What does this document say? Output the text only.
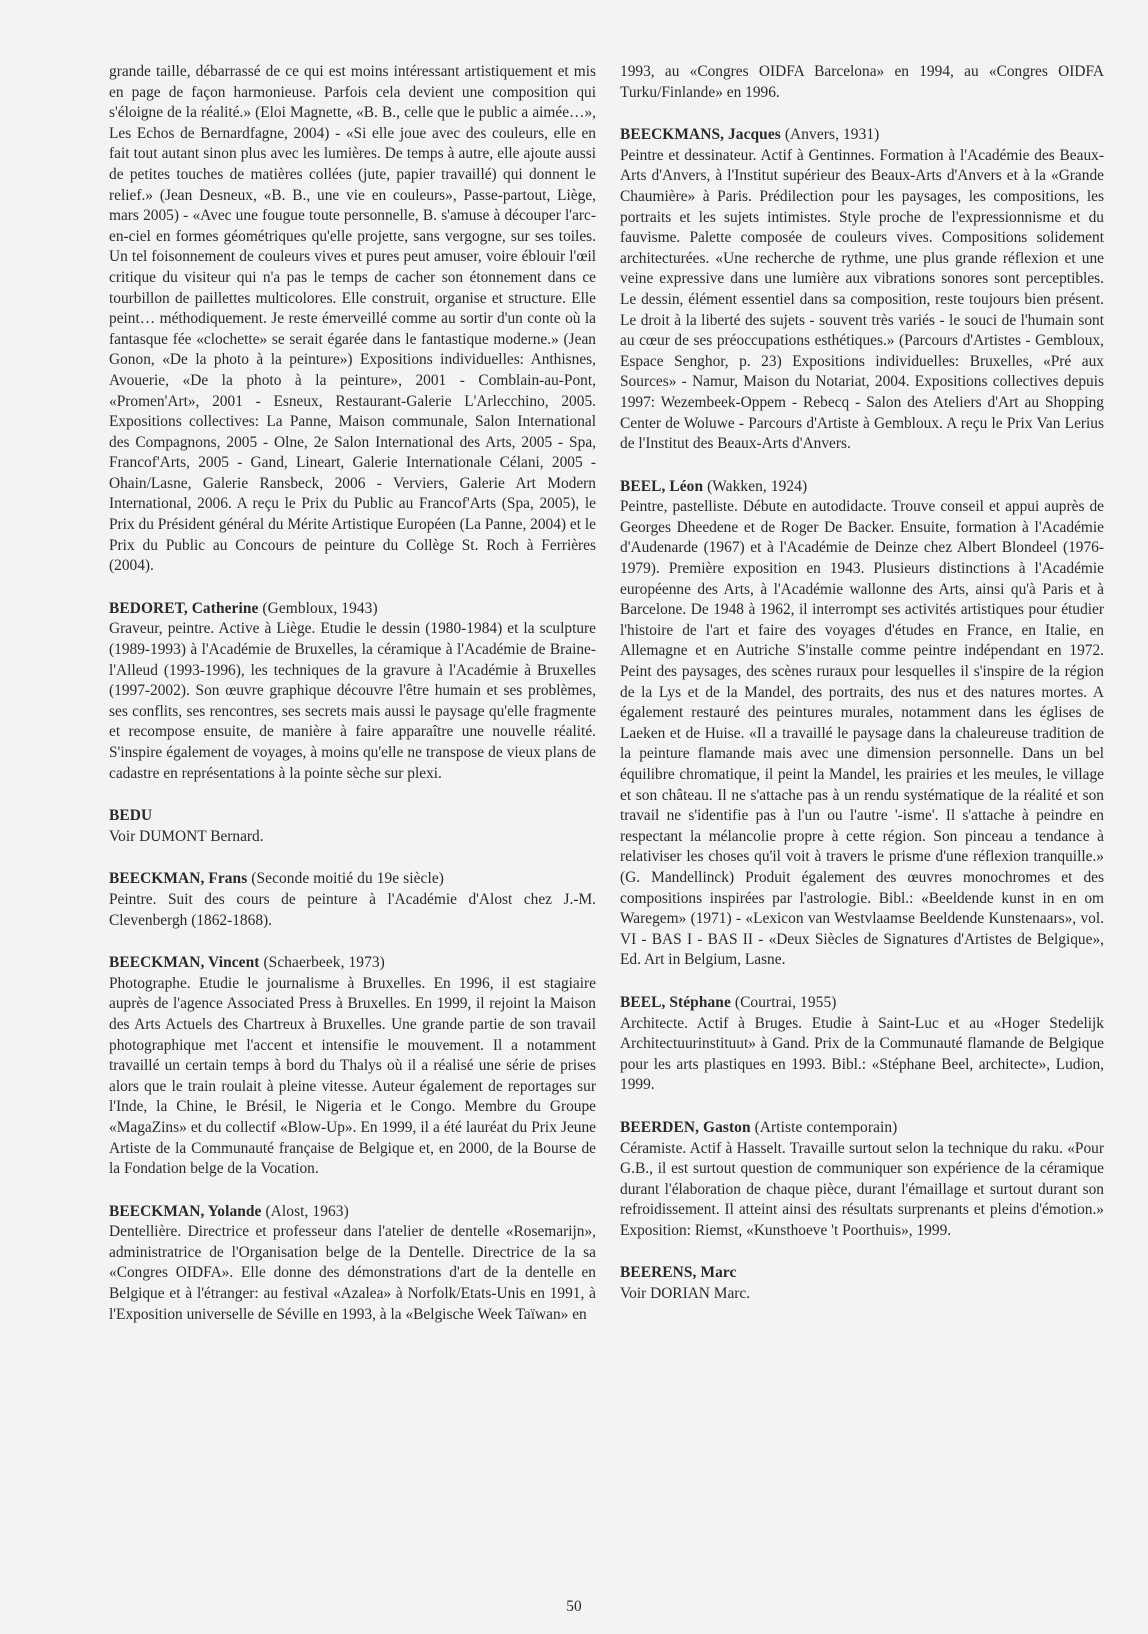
grande taille, débarrassé de ce qui est moins intéressant artistiquement et mis en page de façon harmonieuse. Parfois cela devient une composition qui s'éloigne de la réalité.» (Eloi Magnette, «B. B., celle que le public a aimée…», Les Echos de Bernardfagne, 2004) - «Si elle joue avec des couleurs, elle en fait tout autant sinon plus avec les lumières. De temps à autre, elle ajoute aussi de petites touches de matières collées (jute, papier travaillé) qui donnent le relief.» (Jean Desneux, «B. B., une vie en couleurs», Passe-partout, Liège, mars 2005) - «Avec une fougue toute personnelle, B. s'amuse à découper l'arc-en-ciel en formes géométriques qu'elle projette, sans vergogne, sur ses toiles. Un tel foisonnement de couleurs vives et pures peut amuser, voire éblouir l'œil critique du visiteur qui n'a pas le temps de cacher son étonnement dans ce tourbillon de paillettes multicolores. Elle construit, organise et structure. Elle peint… méthodiquement. Je reste émerveillé comme au sortir d'un conte où la fantasque fée «clochette» se serait égarée dans le fantastique moderne.» (Jean Gonon, «De la photo à la peinture») Expositions individuelles: Anthisnes, Avouerie, «De la photo à la peinture», 2001 - Comblain-au-Pont, «Promen'Art», 2001 - Esneux, Restaurant-Galerie L'Arlecchino, 2005. Expositions collectives: La Panne, Maison communale, Salon International des Compagnons, 2005 - Olne, 2e Salon International des Arts, 2005 - Spa, Francof'Arts, 2005 - Gand, Lineart, Galerie Internationale Célani, 2005 - Ohain/Lasne, Galerie Ransbeck, 2006 - Verviers, Galerie Art Modern International, 2006. A reçu le Prix du Public au Francof'Arts (Spa, 2005), le Prix du Président général du Mérite Artistique Européen (La Panne, 2004) et le Prix du Public au Concours de peinture du Collège St. Roch à Ferrières (2004).

BEDORET, Catherine (Gembloux, 1943)
Graveur, peintre. Active à Liège. Etudie le dessin (1980-1984) et la sculpture (1989-1993) à l'Académie de Bruxelles, la céramique à l'Académie de Braine-l'Alleud (1993-1996), les techniques de la gravure à l'Académie à Bruxelles (1997-2002). Son œuvre graphique découvre l'être humain et ses problèmes, ses conflits, ses rencontres, ses secrets mais aussi le paysage qu'elle fragmente et recompose ensuite, de manière à faire apparaître une nouvelle réalité. S'inspire également de voyages, à moins qu'elle ne transpose de vieux plans de cadastre en représentations à la pointe sèche sur plexi.

BEDU
Voir DUMONT Bernard.

BEECKMAN, Frans (Seconde moitié du 19e siècle)
Peintre. Suit des cours de peinture à l'Académie d'Alost chez J.-M. Clevenbergh (1862-1868).

BEECKMAN, Vincent (Schaerbeek, 1973)
Photographe. Etudie le journalisme à Bruxelles. En 1996, il est stagiaire auprès de l'agence Associated Press à Bruxelles. En 1999, il rejoint la Maison des Arts Actuels des Chartreux à Bruxelles. Une grande partie de son travail photographique met l'accent et intensifie le mouvement. Il a notamment travaillé un certain temps à bord du Thalys où il a réalisé une série de prises alors que le train roulait à pleine vitesse. Auteur également de reportages sur l'Inde, la Chine, le Brésil, le Nigeria et le Congo. Membre du Groupe «MagaZins» et du collectif «Blow-Up». En 1999, il a été lauréat du Prix Jeune Artiste de la Communauté française de Belgique et, en 2000, de la Bourse de la Fondation belge de la Vocation.

BEECKMAN, Yolande (Alost, 1963)
Dentellière. Directrice et professeur dans l'atelier de dentelle «Rosemarijn», administratrice de l'Organisation belge de la Dentelle. Directrice de la sa «Congres OIDFA». Elle donne des démonstrations d'art de la dentelle en Belgique et à l'étranger: au festival «Azalea» à Norfolk/Etats-Unis en 1991, à l'Exposition universelle de Séville en 1993, à la «Belgische Week Taïwan» en

1993, au «Congres OIDFA Barcelona» en 1994, au «Congres OIDFA Turku/Finlande» en 1996.

BEECKMANS, Jacques (Anvers, 1931)
Peintre et dessinateur. Actif à Gentinnes. Formation à l'Académie des Beaux-Arts d'Anvers, à l'Institut supérieur des Beaux-Arts d'Anvers et à la «Grande Chaumière» à Paris. Prédilection pour les paysages, les compositions, les portraits et les sujets intimistes. Style proche de l'expressionnisme et du fauvisme. Palette composée de couleurs vives. Compositions solidement architecturées. «Une recherche de rythme, une plus grande réflexion et une veine expressive dans une lumière aux vibrations sonores sont perceptibles. Le dessin, élément essentiel dans sa composition, reste toujours bien présent. Le droit à la liberté des sujets - souvent très variés - le souci de l'humain sont au cœur de ses préoccupations esthétiques.» (Parcours d'Artistes - Gembloux, Espace Senghor, p. 23) Expositions individuelles: Bruxelles, «Pré aux Sources» - Namur, Maison du Notariat, 2004. Expositions collectives depuis 1997: Wezembeek-Oppem - Rebecq - Salon des Ateliers d'Art au Shopping Center de Woluwe - Parcours d'Artiste à Gembloux. A reçu le Prix Van Lerius de l'Institut des Beaux-Arts d'Anvers.

BEEL, Léon (Wakken, 1924)
Peintre, pastelliste. Débute en autodidacte. Trouve conseil et appui auprès de Georges Dheedene et de Roger De Backer. Ensuite, formation à l'Académie d'Audenarde (1967) et à l'Académie de Deinze chez Albert Blondeel (1976-1979). Première exposition en 1943. Plusieurs distinctions à l'Académie européenne des Arts, à l'Académie wallonne des Arts, ainsi qu'à Paris et à Barcelone. De 1948 à 1962, il interrompt ses activités artistiques pour étudier l'histoire de l'art et faire des voyages d'études en France, en Italie, en Allemagne et en Autriche S'installe comme peintre indépendant en 1972. Peint des paysages, des scènes ruraux pour lesquelles il s'inspire de la région de la Lys et de la Mandel, des portraits, des nus et des natures mortes. A également restauré des peintures murales, notamment dans les églises de Laeken et de Huise. «Il a travaillé le paysage dans la chaleureuse tradition de la peinture flamande mais avec une dimension personnelle. Dans un bel équilibre chromatique, il peint la Mandel, les prairies et les meules, le village et son château. Il ne s'attache pas à un rendu systématique de la réalité et son travail ne s'identifie pas à l'un ou l'autre '-isme'. Il s'attache à peindre en respectant la mélancolie propre à cette région. Son pinceau a tendance à relativiser les choses qu'il voit à travers le prisme d'une réflexion tranquille.» (G. Mandellinck) Produit également des œuvres monochromes et des compositions inspirées par l'astrologie. Bibl.: «Beeldende kunst in en om Waregem» (1971) - «Lexicon van Westvlaamse Beeldende Kunstenaars», vol. VI - BAS I - BAS II - «Deux Siècles de Signatures d'Artistes de Belgique», Ed. Art in Belgium, Lasne.

BEEL, Stéphane (Courtrai, 1955)
Architecte. Actif à Bruges. Etudie à Saint-Luc et au «Hoger Stedelijk Architectuurinstituut» à Gand. Prix de la Communauté flamande de Belgique pour les arts plastiques en 1993. Bibl.: «Stéphane Beel, architecte», Ludion, 1999.

BEERDEN, Gaston (Artiste contemporain)
Céramiste. Actif à Hasselt. Travaille surtout selon la technique du raku. «Pour G.B., il est surtout question de communiquer son expérience de la céramique durant l'élaboration de chaque pièce, durant l'émaillage et surtout durant son refroidissement. Il atteint ainsi des résultats surprenants et pleins d'émotion.» Exposition: Riemst, «Kunsthoeve 't Poorthuis», 1999.

BEERENS, Marc
Voir DORIAN Marc.

50
